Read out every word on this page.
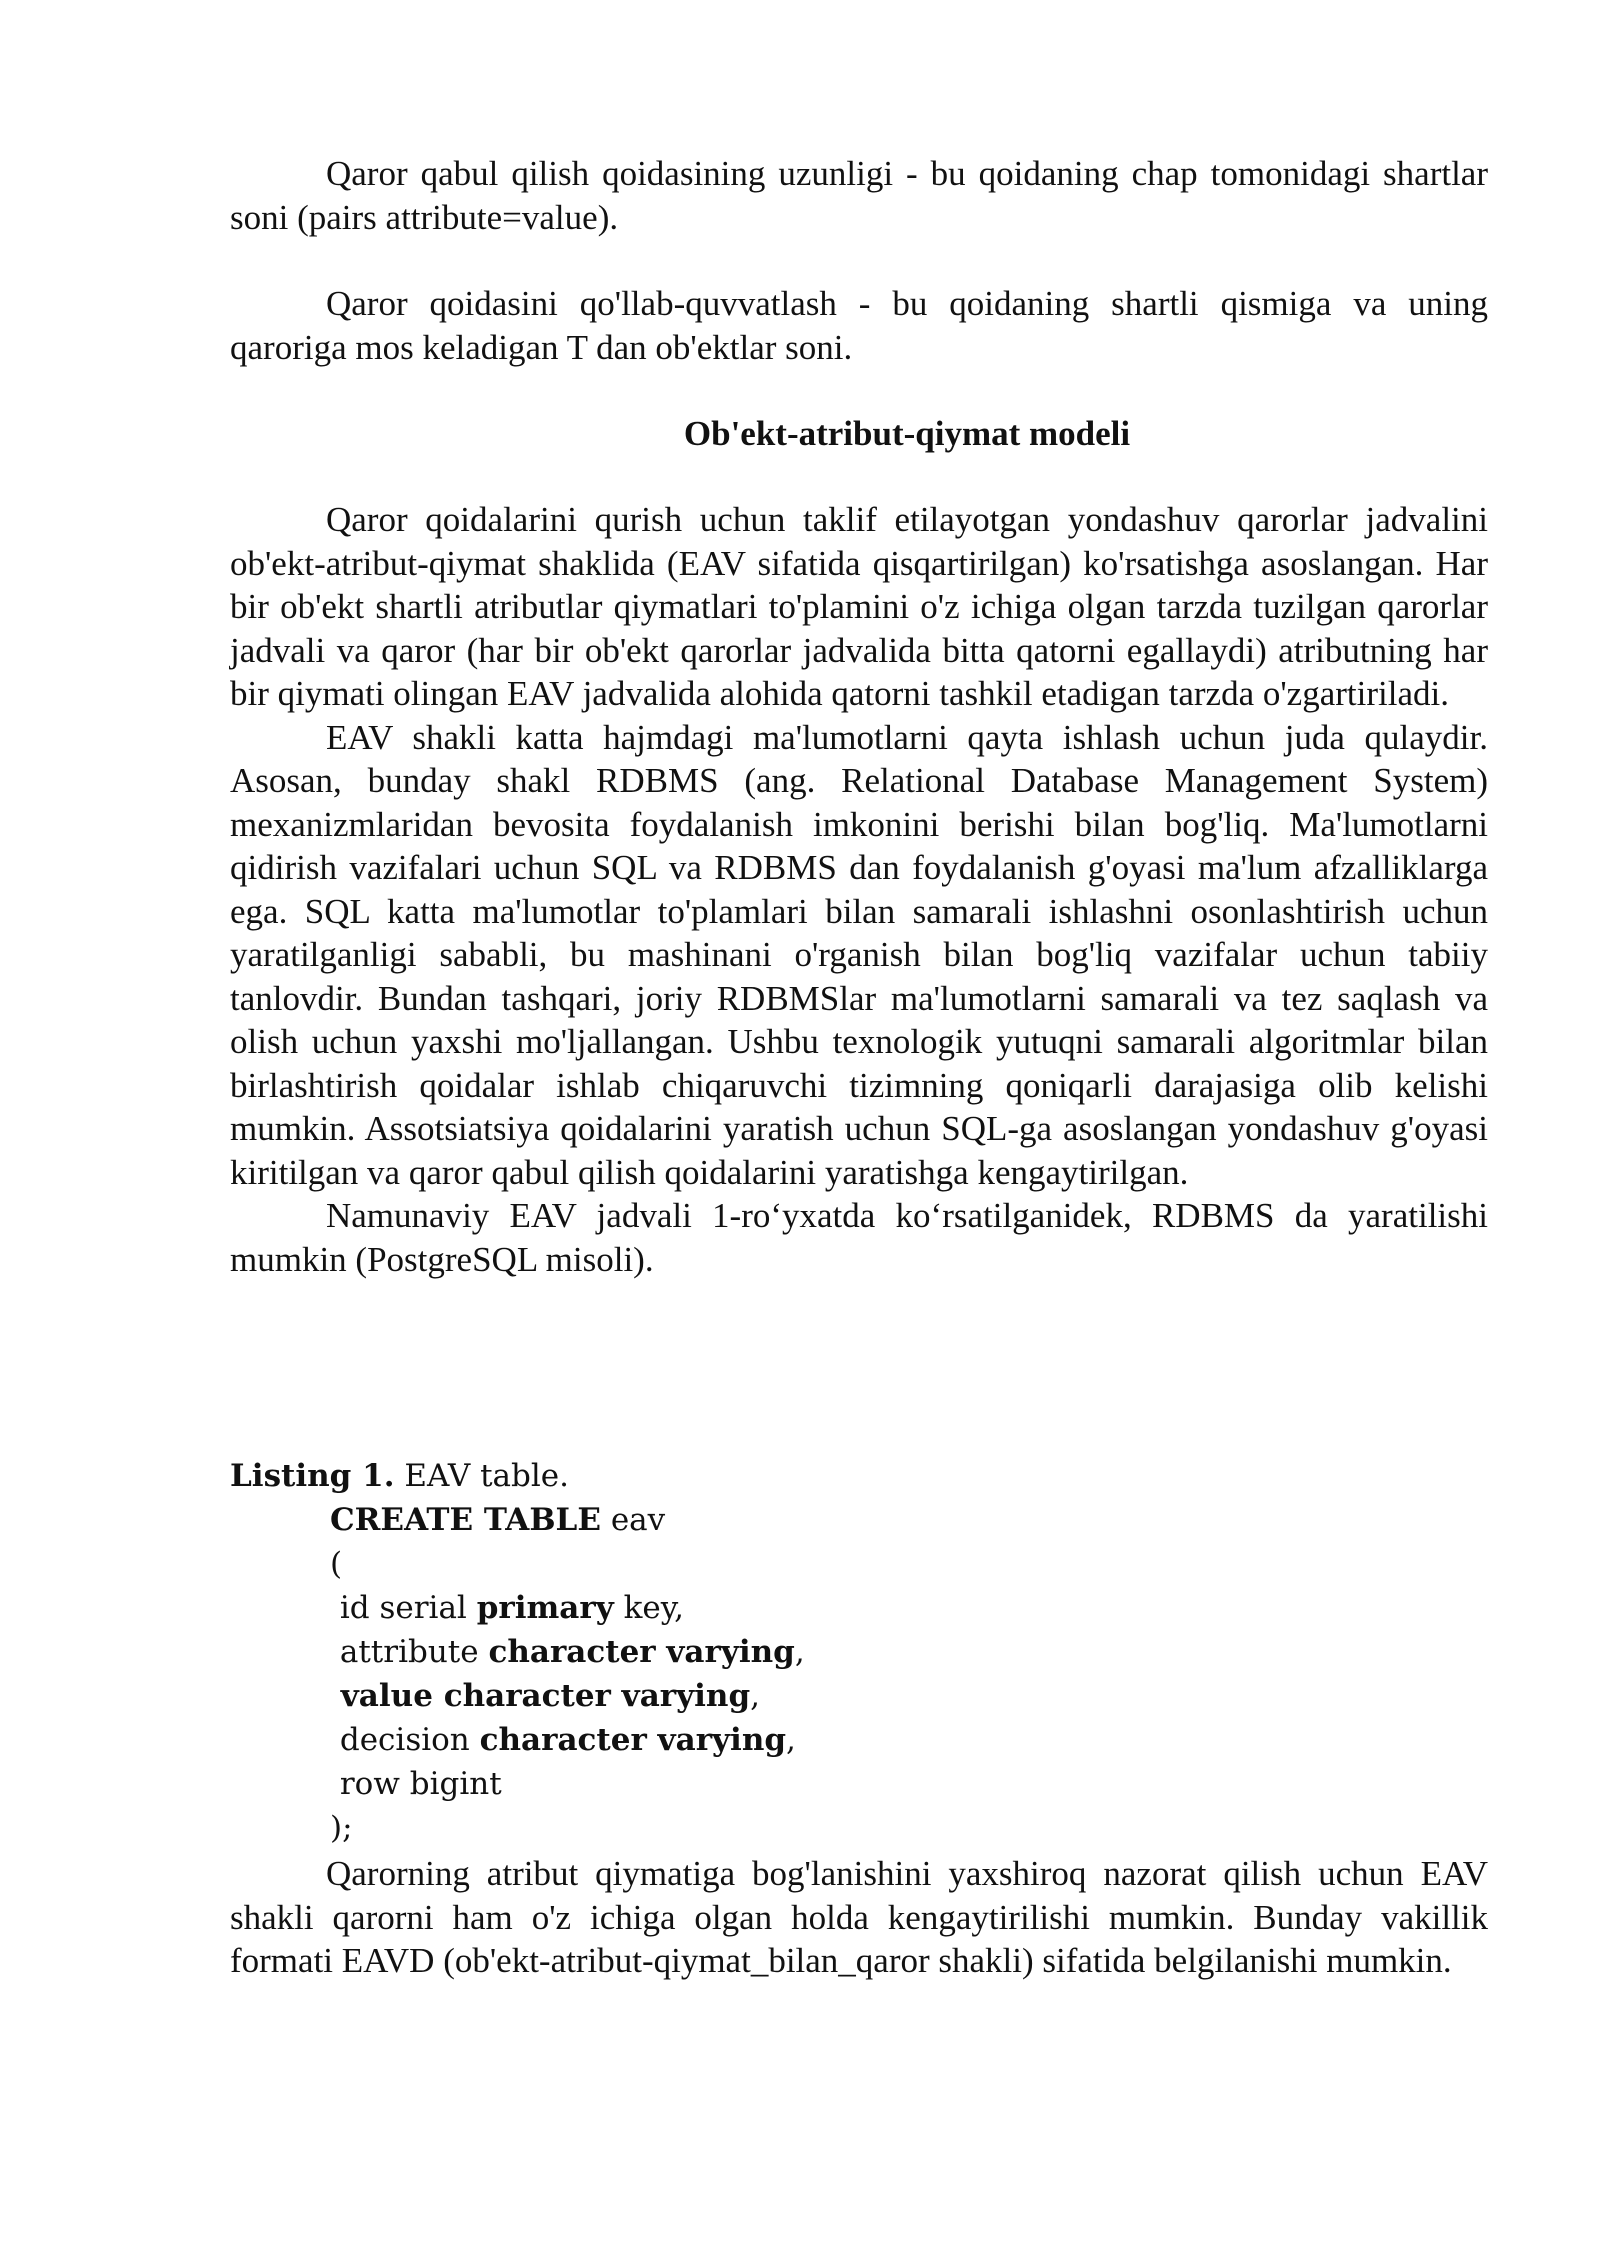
Qaror qabul qilish qoidasining uzunligi - bu qoidaning chap tomonidagi shartlar soni (pairs attribute=value).

Qaror qoidasini qo'llab-quvvatlash - bu qoidaning shartli qismiga va uning qaroriga mos keladigan T dan ob'ektlar soni.

Ob'ekt-atribut-qiymat modeli

Qaror qoidalarini qurish uchun taklif etilayotgan yondashuv qarorlar jadvalini ob'ekt-atribut-qiymat shaklida (EAV sifatida qisqartirilgan) ko'rsatishga asoslangan. Har bir ob'ekt shartli atributlar qiymatlari to'plamini o'z ichiga olgan tarzda tuzilgan qarorlar jadvali va qaror (har bir ob'ekt qarorlar jadvalida bitta qatorni egallaydi) atributning har bir qiymati olingan EAV jadvalida alohida qatorni tashkil etadigan tarzda o'zgartiriladi.

EAV shakli katta hajmdagi ma'lumotlarni qayta ishlash uchun juda qulaydir. Asosan, bunday shakl RDBMS (ang. Relational Database Management System) mexanizmlaridan bevosita foydalanish imkonini berishi bilan bog'liq. Ma'lumotlarni qidirish vazifalari uchun SQL va RDBMS dan foydalanish g'oyasi ma'lum afzalliklarga ega. SQL katta ma'lumotlar to'plamlari bilan samarali ishlashni osonlashtirish uchun yaratilganligi sababli, bu mashinani o'rganish bilan bog'liq vazifalar uchun tabiiy tanlovdir. Bundan tashqari, joriy RDBMSlar ma'lumotlarni samarali va tez saqlash va olish uchun yaxshi mo'ljallangan. Ushbu texnologik yutuqni samarali algoritmlar bilan birlashtirish qoidalar ishlab chiqaruvchi tizimning qoniqarli darajasiga olib kelishi mumkin. Assotsiatsiya qoidalarini yaratish uchun SQL-ga asoslangan yondashuv g'oyasi kiritilgan va qaror qabul qilish qoidalarini yaratishga kengaytirilgan.

Namunaviy EAV jadvali 1-ro‘yxatda ko‘rsatilganidek, RDBMS da yaratilishi mumkin (PostgreSQL misoli).

Listing 1. EAV table.

CREATE TABLE eav

(

id serial primary key,

attribute character varying,

value character varying,

decision character varying,

row bigint

);

Qarorning atribut qiymatiga bog'lanishini yaxshiroq nazorat qilish uchun EAV shakli qarorni ham o'z ichiga olgan holda kengaytirilishi mumkin. Bunday vakillik formati EAVD (ob'ekt-atribut-qiymat_bilan_qaror shakli) sifatida belgilanishi mumkin.
